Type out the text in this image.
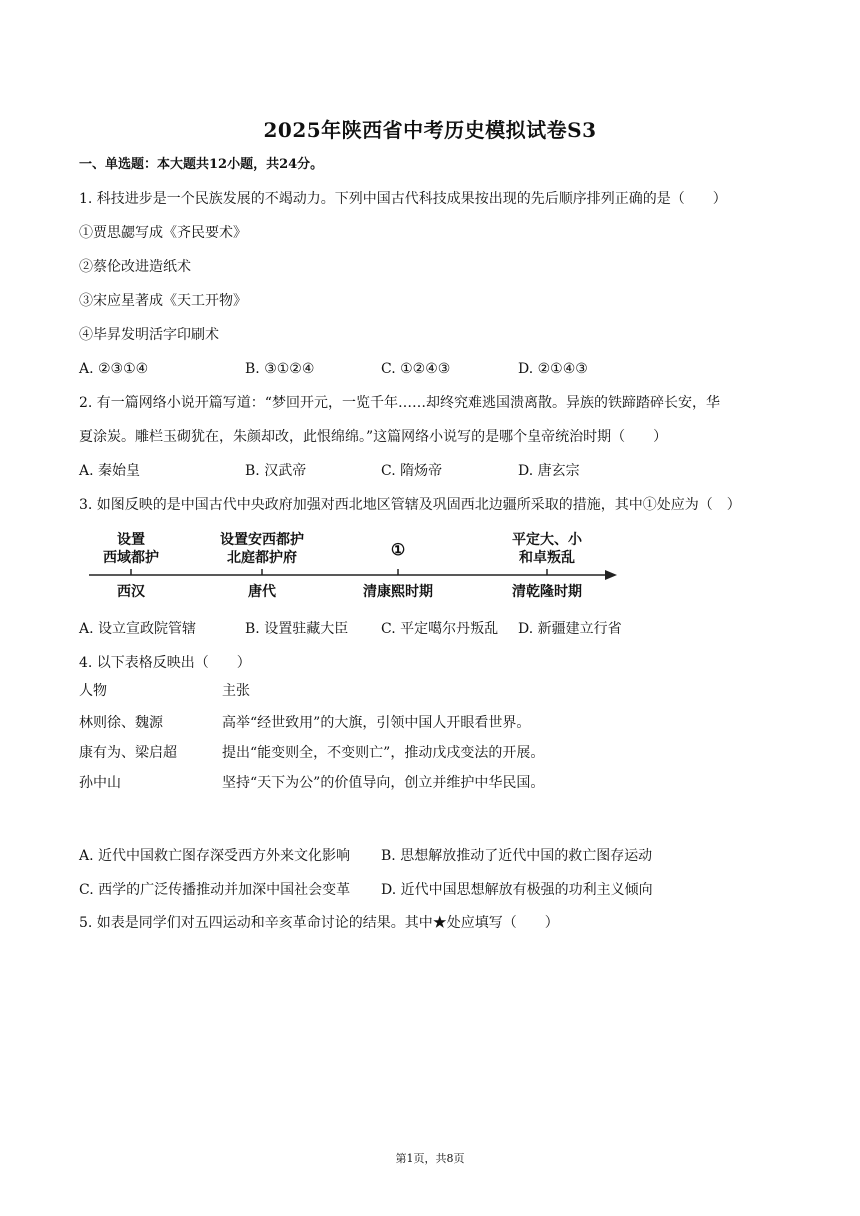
2025年陕西省中考历史模拟试卷S3
一、单选题：本大题共12小题，共24分。
1. 科技进步是一个民族发展的不竭动力。下列中国古代科技成果按出现的先后顺序排列正确的是（　　）
①贾思勰写成《齐民要术》
②蔡伦改进造纸术
③宋应星著成《天工开物》
④毕昇发明活字印刷术
A. ②③①④	B. ③①②④	C. ①②④③	D. ②①④③
2. 有一篇网络小说开篇写道：“梦回开元，一览千年……却终究难逃国溃离散。异族的铁蹄踏碎长安，华
夏涂炭。雕栏玉砌犹在，朱颜却改，此恨绵绵。”这篇网络小说写的是哪个皇帝统治时期（　　）
A. 秦始皇	B. 汉武帝	C. 隋炀帝	D. 唐玄宗
3. 如图反映的是中国古代中央政府加强对西北地区管辖及巩固西北边疆所采取的措施，其中①处应为（　）
设置
西域都护
设置安西都护
北庭都护府	①	平定大、小
和卓叛乱
西汉	唐代	清康熙时期	清乾隆时期
A. 设立宣政院管辖	B. 设置驻藏大臣 C. 平定噶尔丹叛乱 D. 新疆建立行省
4. 以下表格反映出（　　）
人物	主张
林则徐、魏源	高举“经世致用”的大旗，引领中国人开眼看世界。
康有为、梁启超	提出“能变则全，不变则亡”，推动戊戌变法的开展。
孙中山	坚持“天下为公”的价值导向，创立并维护中华民国。
A. 近代中国救亡图存深受西方外来文化影响 B. 思想解放推动了近代中国的救亡图存运动
C. 西学的广泛传播推动并加深中国社会变革 D. 近代中国思想解放有极强的功利主义倾向
5. 如表是同学们对五四运动和辛亥革命讨论的结果。其中★处应填写（　　）
第1页，共8页
